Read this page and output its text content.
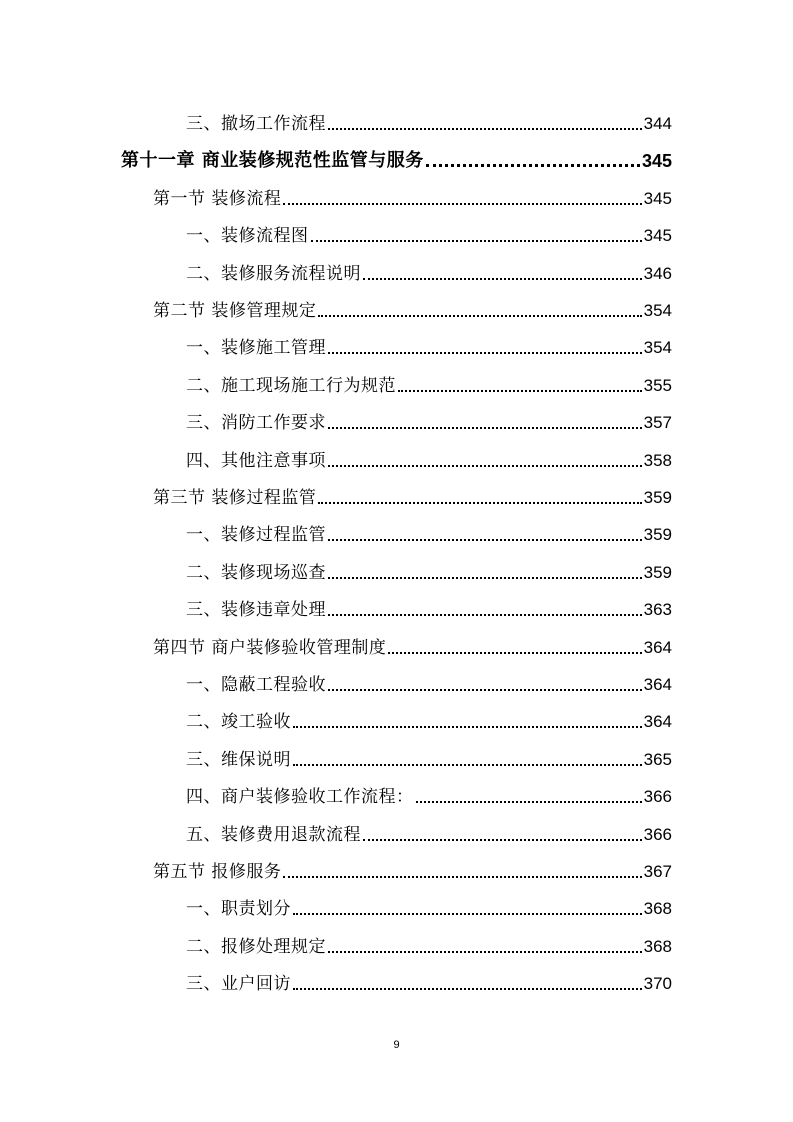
三、撤场工作流程	344
第十一章 商业装修规范性监管与服务	345
第一节 装修流程	345
一、装修流程图	345
二、装修服务流程说明	346
第二节 装修管理规定	354
一、装修施工管理	354
二、施工现场施工行为规范	355
三、消防工作要求	357
四、其他注意事项	358
第三节 装修过程监管	359
一、装修过程监管	359
二、装修现场巡查	359
三、装修违章处理	363
第四节 商户装修验收管理制度	364
一、隐蔽工程验收	364
二、竣工验收	364
三、维保说明	365
四、商户装修验收工作流程：	366
五、装修费用退款流程	366
第五节 报修服务	367
一、职责划分	368
二、报修处理规定	368
三、业户回访	370
9
